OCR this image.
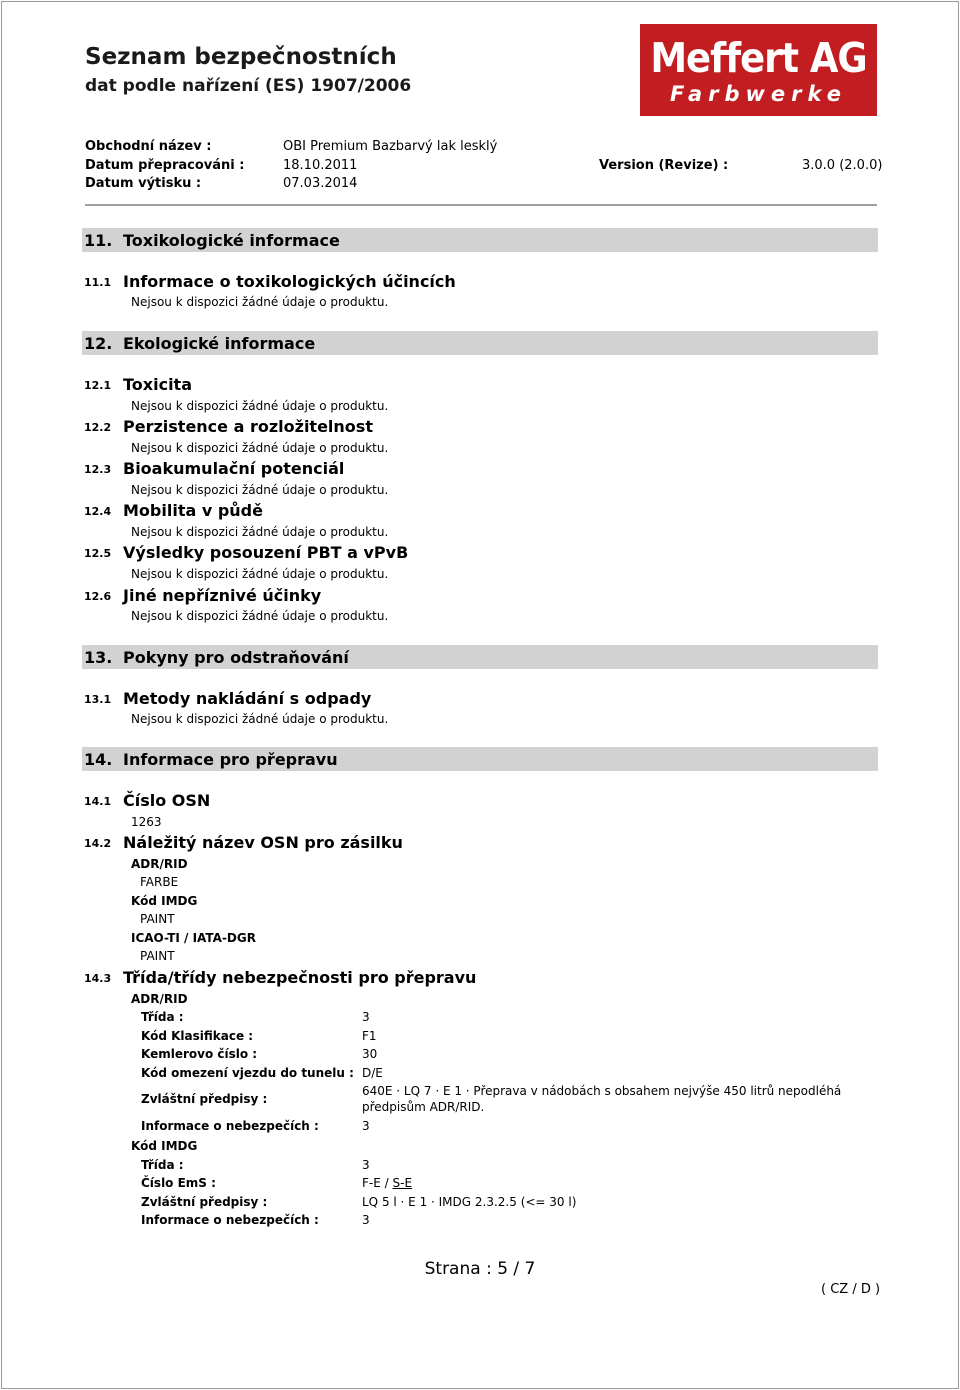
Seznam bezpečnostních
dat podle nařízení (ES) 1907/2006
Meffert AG
Farbwerke
Obchodní název :	OBI Premium Bazbarvý lak lesklý
Datum přepracováni :	18.10.2011	Version (Revize) :	3.0.0 (2.0.0)
Datum výtisku :	07.03.2014
11. Toxikologické informace
11.1 Informace o toxikologických účincích
Nejsou k dispozici žádné údaje o produktu.
12. Ekologické informace
12.1 Toxicita
Nejsou k dispozici žádné údaje o produktu.
12.2 Perzistence a rozložitelnost
Nejsou k dispozici žádné údaje o produktu.
12.3 Bioakumulační potenciál
Nejsou k dispozici žádné údaje o produktu.
12.4 Mobilita v půdě
Nejsou k dispozici žádné údaje o produktu.
12.5 Výsledky posouzení PBT a vPvB
Nejsou k dispozici žádné údaje o produktu.
12.6 Jiné nepříznivé účinky
Nejsou k dispozici žádné údaje o produktu.
13. Pokyny pro odstraňování
13.1 Metody nakládání s odpady
Nejsou k dispozici žádné údaje o produktu.
14. Informace pro přepravu
14.1 Číslo OSN
1263
14.2 Náležitý název OSN pro zásilku
ADR/RID
FARBE
Kód IMDG
PAINT
ICAO-TI / IATA-DGR
PAINT
14.3 Třída/třídy nebezpečnosti pro přepravu
ADR/RID
Třída :	3
Kód Klasifikace :	F1
Kemlerovo číslo :	30
Kód omezení vjezdu do tunelu : D/E
Zvláštní předpisy :
640E · LQ 7 · E 1 · Přeprava v nádobách s obsahem nejvýše 450 litrů nepodléhá
předpisům ADR/RID.
Informace o nebezpečích :	3
Kód IMDG
Třída :	3
Číslo EmS :	F-E / S-E
Zvláštní předpisy :	LQ 5 l · E 1 · IMDG 2.3.2.5 (<= 30 l)
Informace o nebezpečích :	3
Strana : 5 / 7
( CZ / D )
